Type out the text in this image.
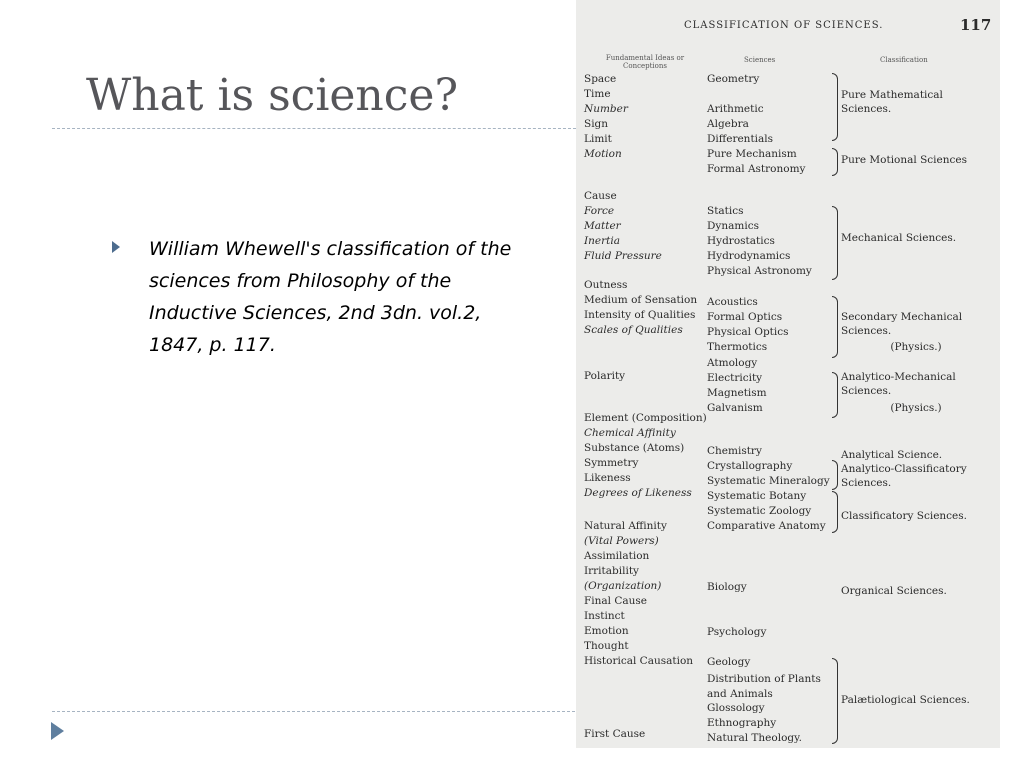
What is science?

William Whewell's classification of the sciences from Philosophy of the Inductive Sciences, 2nd 3dn. vol.2, 1847, p. 117.

CLASSIFICATION OF SCIENCES.	117
Fundamental Ideas or Conceptions
Sciences	Classification
Space
Time
Number
Sign
Limit
Motion
Cause
Force
Matter
Inertia
Fluid Pressure
Outness
Medium of Sensation
Intensity of Qualities
Scales of Qualities
Polarity
Element (Composition)
Chemical Affinity
Substance (Atoms)
Symmetry
Likeness
Degrees of Likeness
Natural Affinity
(Vital Powers)
Assimilation
Irritability
(Organization)
Final Cause
Instinct
Emotion
Thought
Historical Causation
First Cause
Geometry
Arithmetic
Algebra
Differentials
Pure Mechanism
Formal Astronomy
Statics
Dynamics
Hydrostatics
Hydrodynamics
Physical Astronomy
Acoustics
Formal Optics
Physical Optics
Thermotics
Atmology
Electricity
Magnetism
Galvanism
Chemistry
Crystallography
Systematic Mineralogy
Systematic Botany
Systematic Zoology
Comparative Anatomy
Biology
Psychology
Geology
Distribution of Plants and Animals
Glossology
Ethnography
Natural Theology.
Pure Mathematical Sciences.
Pure Motional Sciences
Mechanical Sciences.
Secondary Mechanical Sciences.
(Physics.)
Analytico-Mechanical Sciences.
(Physics.)
Analytical Science.
Analytico-Classificatory Sciences.
Classificatory Sciences.
Organical Sciences.
Palætiological Sciences.
